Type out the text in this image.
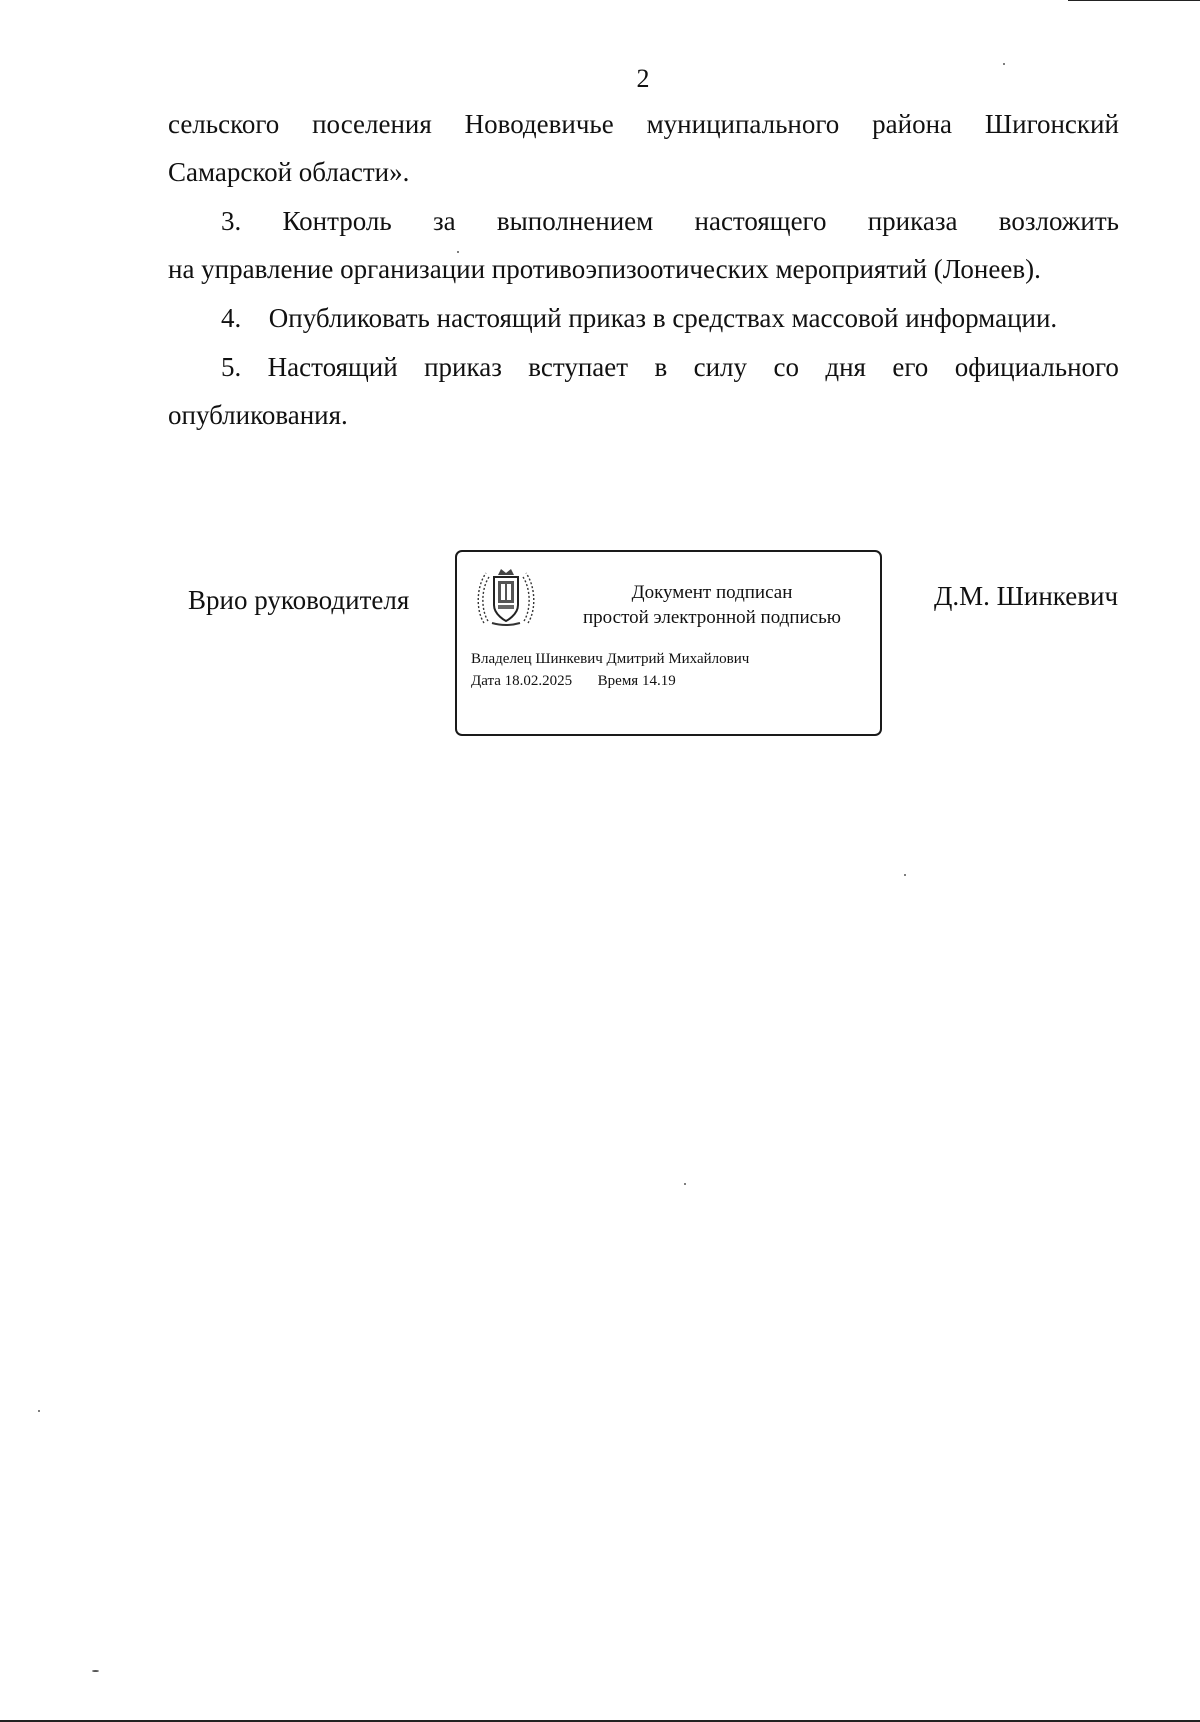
2
сельского поселения Новодевичье муниципального района Шигонский
Самарской области».
3. Контроль за выполнением настоящего приказа возложить
на управление организации противоэпизоотических мероприятий (Лонеев).
4. Опубликовать настоящий приказ в средствах массовой информации.
5. Настоящий приказ вступает в силу со дня его официального
опубликования.
Врио руководителя	Документ подписан
простой электронной подписью
Владелец Шинкевич Дмитрий Михайлович
Дата 18.02.2025  Время 14.19
Д.М. Шинкевич
